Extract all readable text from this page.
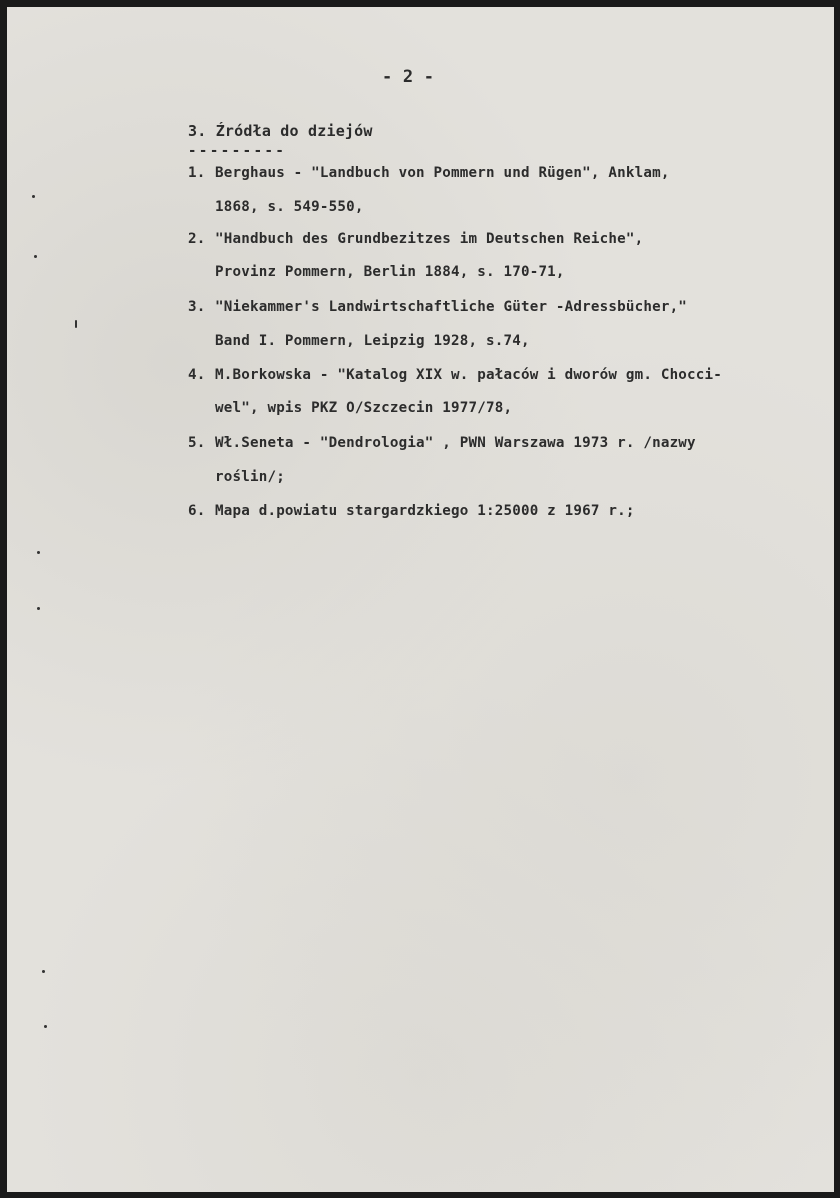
- 2 -
3. Źródła do dziejów
---------
1. Berghaus - "Landbuch von Pommern und Rügen", Anklam,
1868, s. 549-550,
2. "Handbuch des Grundbezitzes im Deutschen Reiche",
Provinz Pommern, Berlin 1884, s. 170-71,
3. "Niekammer's Landwirtschaftliche Güter -Adressbücher,"
Band I. Pommern, Leipzig 1928, s.74,
4. M.Borkowska - "Katalog XIX w. pałaców i dworów gm. Chocci-
wel", wpis PKZ O/Szczecin 1977/78,
5. Wł.Seneta - "Dendrologia" , PWN Warszawa 1973 r. /nazwy
roślin/;
6. Mapa d.powiatu stargardzkiego 1:25000 z 1967 r.;
